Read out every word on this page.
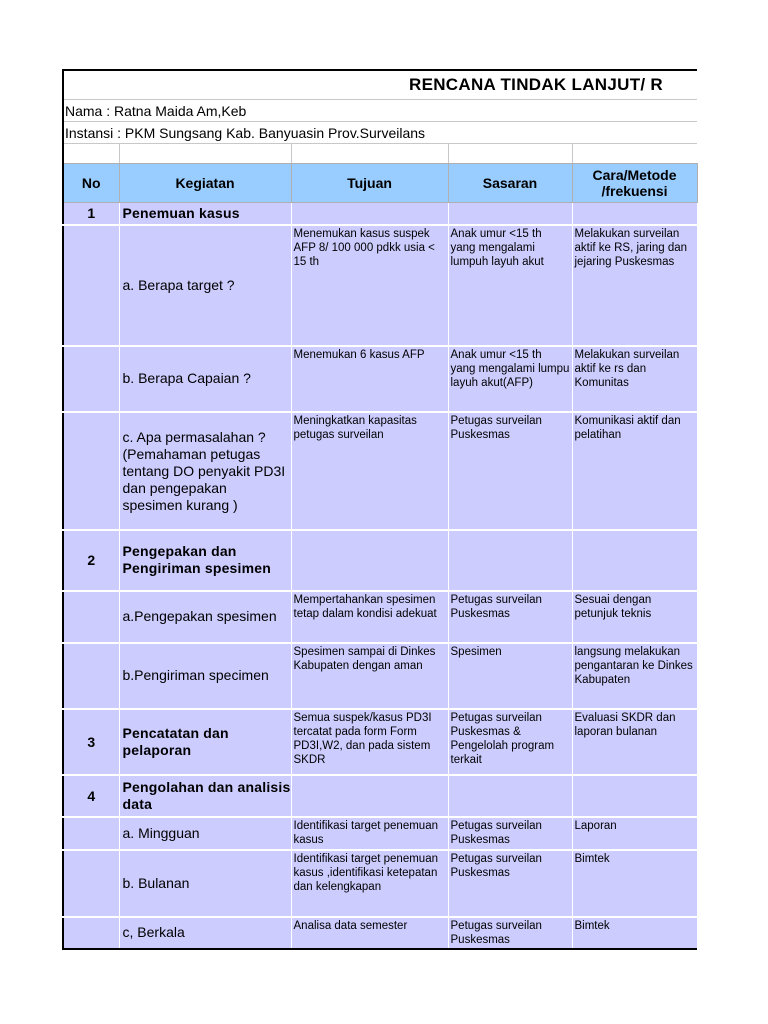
RENCANA TINDAK LANJUT/ R				

Nama : Ratna Maida Am,Keb				
Instansi : PKM Sungsang Kab. Banyuasin Prov.Surveilans				

No	Kegiatan	Tujuan	Sasaran	Cara/Metode
/frekuensi
1	Penemuan kasus			
	a. Berapa target ?	Menemukan kasus suspek AFP 8/ 100 000 pdkk usia < 15 th	Anak umur <15 th yang mengalami lumpuh layuh akut	Melakukan surveilan aktif ke RS, jaring dan jejaring Puskesmas
	b. Berapa Capaian ?	Menemukan 6 kasus AFP	Anak umur <15 th yang mengalami lumpu layuh akut(AFP)	Melakukan surveilan aktif ke rs dan Komunitas
	c. Apa permasalahan ? (Pemahaman petugas tentang DO penyakit PD3I dan pengepakan spesimen kurang )	Meningkatkan kapasitas petugas surveilan	Petugas surveilan Puskesmas	Komunikasi aktif dan pelatihan
2	Pengepakan dan Pengiriman spesimen			
	a.Pengepakan spesimen	Mempertahankan spesimen tetap dalam kondisi adekuat	Petugas surveilan Puskesmas	Sesuai dengan petunjuk teknis
	b.Pengiriman specimen	Spesimen sampai di Dinkes Kabupaten dengan aman	Spesimen	langsung melakukan pengantaran ke Dinkes Kabupaten
3	Pencatatan dan pelaporan	Semua suspek/kasus PD3I tercatat pada form Form PD3I,W2, dan pada sistem SKDR	Petugas surveilan Puskesmas & Pengelolah program terkait	Evaluasi SKDR dan laporan bulanan
4	Pengolahan dan analisis data			
	a. Mingguan	Identifikasi target penemuan kasus	Petugas surveilan Puskesmas	Laporan
	b. Bulanan	Identifikasi target penemuan kasus ,identifikasi ketepatan dan kelengkapan	Petugas surveilan Puskesmas	Bimtek
	c, Berkala	Analisa data semester	Petugas surveilan Puskesmas	Bimtek
